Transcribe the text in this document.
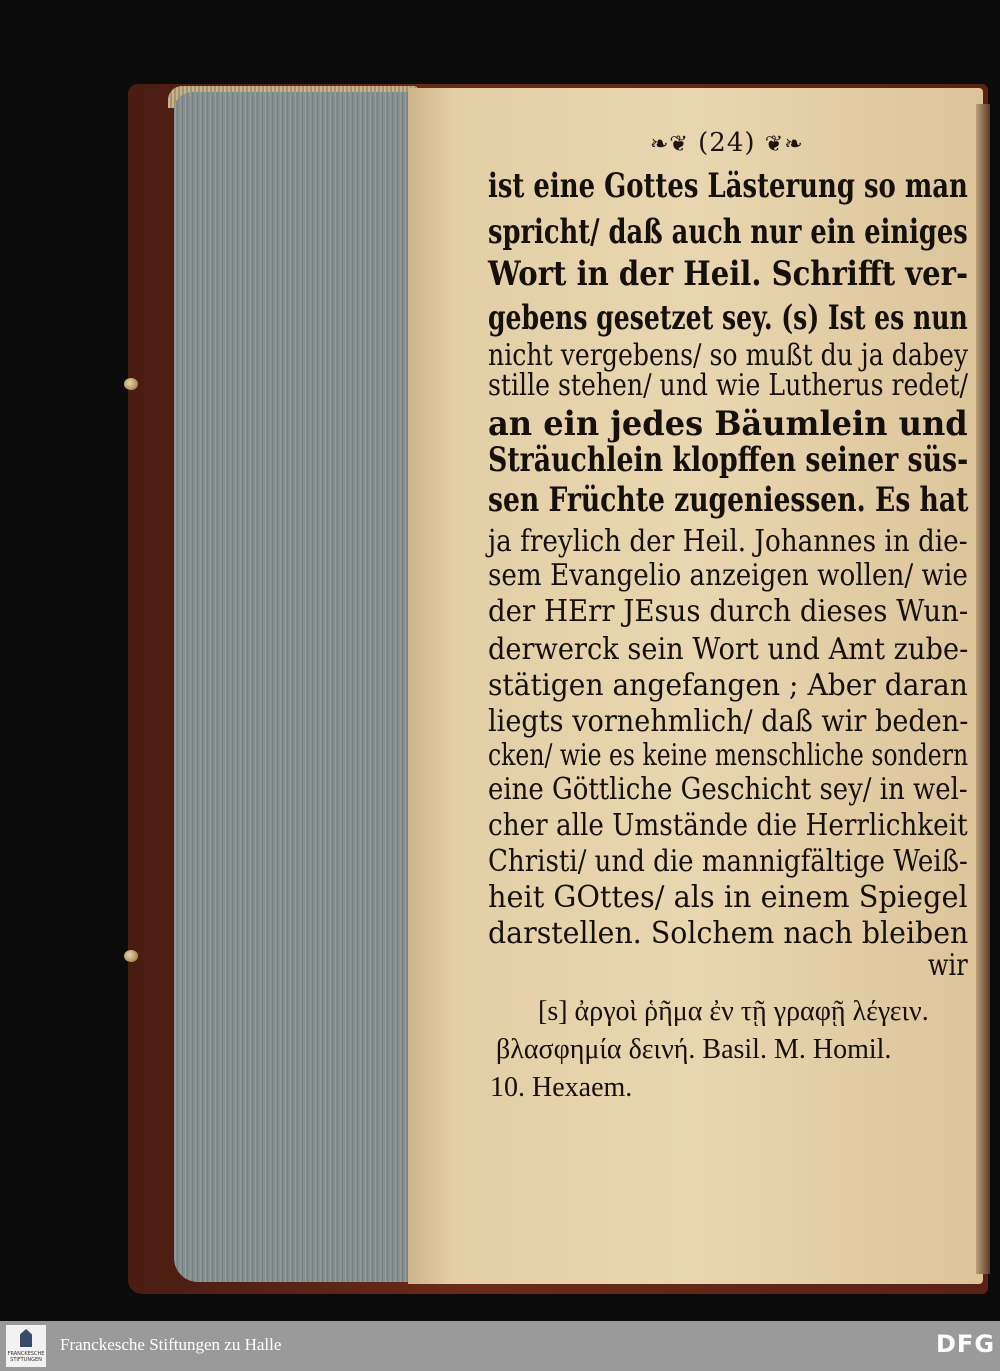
❧❦ (24) ❦❧
ist eine Gottes Lästerung so man
spricht/ daß auch nur ein einiges
Wort in der Heil. Schrifft ver-
gebens gesetzet sey. (s) Ist es nun
nicht vergebens/ so mußt du ja dabey
stille stehen/ und wie Lutherus redet/
an ein jedes Bäumlein und
Sträuchlein klopffen seiner süs-
sen Früchte zugeniessen. Es hat
ja freylich der Heil. Johannes in die-
sem Evangelio anzeigen wollen/ wie
der HErr JEsus durch dieses Wun-
derwerck sein Wort und Amt zube-
stätigen angefangen ; Aber daran
liegts vornehmlich/ daß wir beden-
cken/ wie es keine menschliche sondern
eine Göttliche Geschicht sey/ in wel-
cher alle Umstände die Herrlichkeit
Christi/ und die mannigfältige Weiß-
heit GOttes/ als in einem Spiegel
darstellen. Solchem nach bleiben
wir
[s] ἀργοὶ ῥῆμα ἐν τῇ γραφῇ λέγειν.
βλασφημία δεινή. Basil. M. Homil.
10. Hexaem.
FRANCKESCHE STIFTUNGEN
Franckesche Stiftungen zu Halle	DFG
